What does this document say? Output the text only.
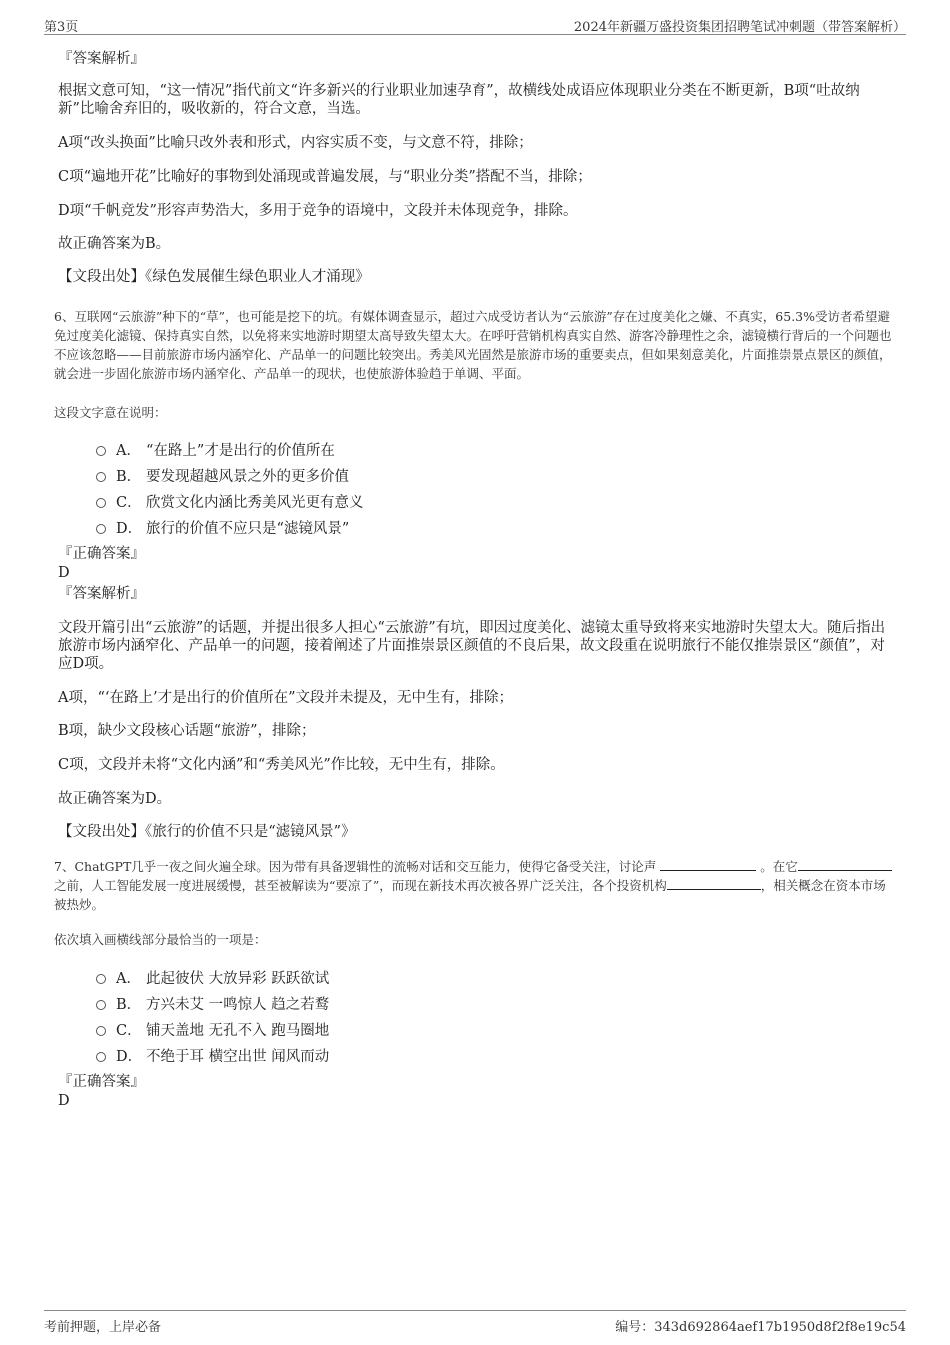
第3页	2024年新疆万盛投资集团招聘笔试冲刺题（带答案解析）
『答案解析』
根据文意可知，“这一情况”指代前文“许多新兴的行业职业加速孕育”，故横线处成语应体现职业分类在不断更新，B项“吐故纳新”比喻舍弃旧的，吸收新的，符合文意，当选。
A项“改头换面”比喻只改外表和形式，内容实质不变，与文意不符，排除；
C项“遍地开花”比喻好的事物到处涌现或普遍发展，与“职业分类”搭配不当，排除；
D项“千帆竞发”形容声势浩大，多用于竞争的语境中，文段并未体现竞争，排除。
故正确答案为B。
【文段出处】《绿色发展催生绿色职业人才涌现》
6、互联网“云旅游”种下的“草”，也可能是挖下的坑。有媒体调查显示，超过六成受访者认为“云旅游”存在过度美化之嫌、不真实，65.3%受访者希望避免过度美化滤镜、保持真实自然，以免将来实地游时期望太高导致失望太大。在呼吁营销机构真实自然、游客冷静理性之余，滤镜横行背后的一个问题也不应该忽略——目前旅游市场内涵窄化、产品单一的问题比较突出。秀美风光固然是旅游市场的重要卖点，但如果刻意美化，片面推崇景点景区的颜值，就会进一步固化旅游市场内涵窄化、产品单一的现状，也使旅游体验趋于单调、平面。
这段文字意在说明：
A． “在路上”才是出行的价值所在
B． 要发现超越风景之外的更多价值
C． 欣赏文化内涵比秀美风光更有意义
D． 旅行的价值不应只是“滤镜风景”
『正确答案』
D
『答案解析』
文段开篇引出“云旅游”的话题，并提出很多人担心“云旅游”有坑，即因过度美化、滤镜太重导致将来实地游时失望太大。随后指出旅游市场内涵窄化、产品单一的问题，接着阐述了片面推崇景区颜值的不良后果，故文段重在说明旅行不能仅推崇景区“颜值”，对应D项。
A项，“‘在路上’才是出行的价值所在”文段并未提及，无中生有，排除；
B项，缺少文段核心话题“旅游”，排除；
C项，文段并未将“文化内涵”和“秀美风光”作比较，无中生有，排除。
故正确答案为D。
【文段出处】《旅行的价值不只是“滤镜风景”》
7、ChatGPT几乎一夜之间火遍全球。因为带有具备逻辑性的流畅对话和交互能力，使得它备受关注，讨论声	。在它之前，人工智能发展一度进展缓慢，甚至被解读为“要凉了”，而现在新技术再次被各界广泛关注，各个投资机构	，相关概念在资本市场被热炒。
依次填入画横线部分最恰当的一项是：
A． 此起彼伏 大放异彩 跃跃欲试
B． 方兴未艾 一鸣惊人 趋之若鹜
C． 铺天盖地 无孔不入 跑马圈地
D． 不绝于耳 横空出世 闻风而动
『正确答案』
D
考前押题，上岸必备	编号：343d692864aef17b1950d8f2f8e19c54
